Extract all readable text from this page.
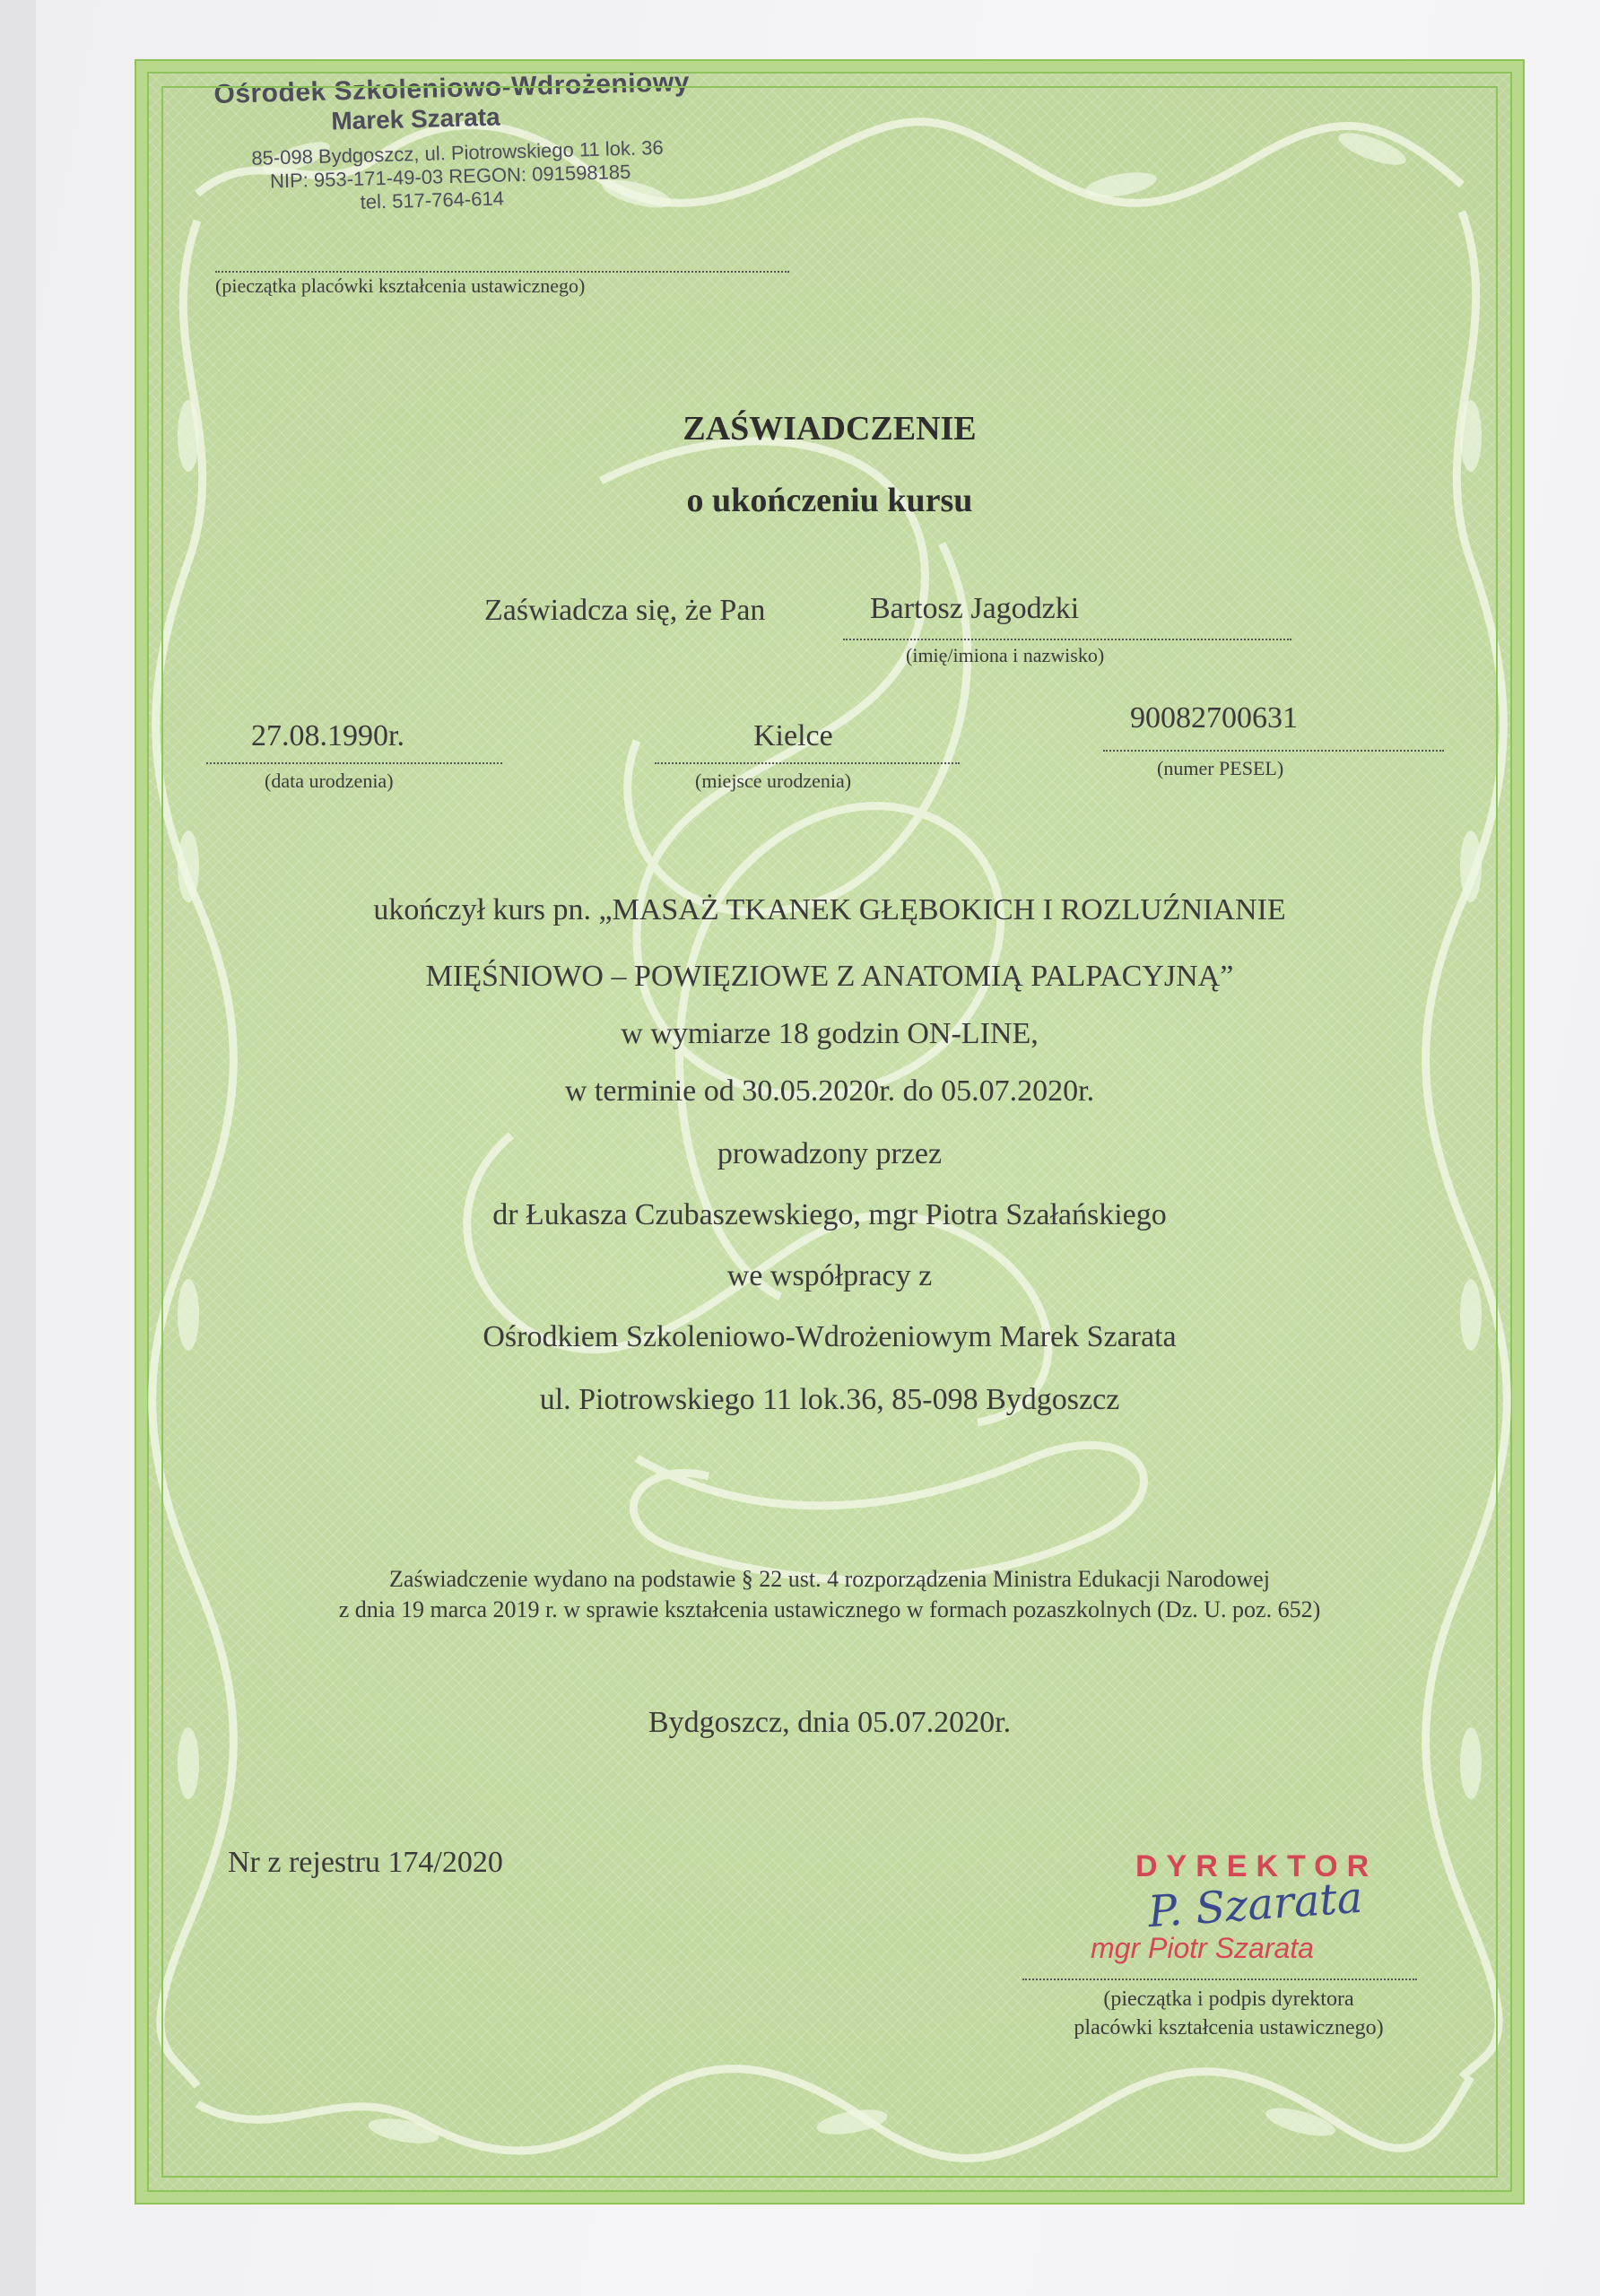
Ośrodek Szkoleniowo-Wdrożeniowy
Marek Szarata
85-098 Bydgoszcz, ul. Piotrowskiego 11 lok. 36
NIP: 953-171-49-03 REGON: 091598185
tel. 517-764-614
(pieczątka placówki kształcenia ustawicznego)
ZAŚWIADCZENIE
o ukończeniu kursu
Zaświadcza się, że Pan	Bartosz Jagodzki
(imię/imiona i nazwisko)
27.08.1990r.
(data urodzenia)
Kielce
(miejsce urodzenia)
90082700631
(numer PESEL)
ukończył kurs pn. „MASAŻ TKANEK GŁĘBOKICH I ROZLUŹNIANIE
MIĘŚNIOWO – POWIĘZIOWE Z ANATOMIĄ PALPACYJNĄ”
w wymiarze 18 godzin ON-LINE,
w terminie od 30.05.2020r. do 05.07.2020r.
prowadzony przez
dr Łukasza Czubaszewskiego, mgr Piotra Szałańskiego
we współpracy z
Ośrodkiem Szkoleniowo-Wdrożeniowym Marek Szarata
ul. Piotrowskiego 11 lok.36, 85-098 Bydgoszcz
Zaświadczenie wydano na podstawie § 22 ust. 4 rozporządzenia Ministra Edukacji Narodowej
z dnia 19 marca 2019 r. w sprawie kształcenia ustawicznego w formach pozaszkolnych (Dz. U. poz. 652)
Bydgoszcz, dnia 05.07.2020r.
Nr z rejestru 174/2020	DYREKTOR
P. Szarata
mgr Piotr Szarata
(pieczątka i podpis dyrektora
placówki kształcenia ustawicznego)
